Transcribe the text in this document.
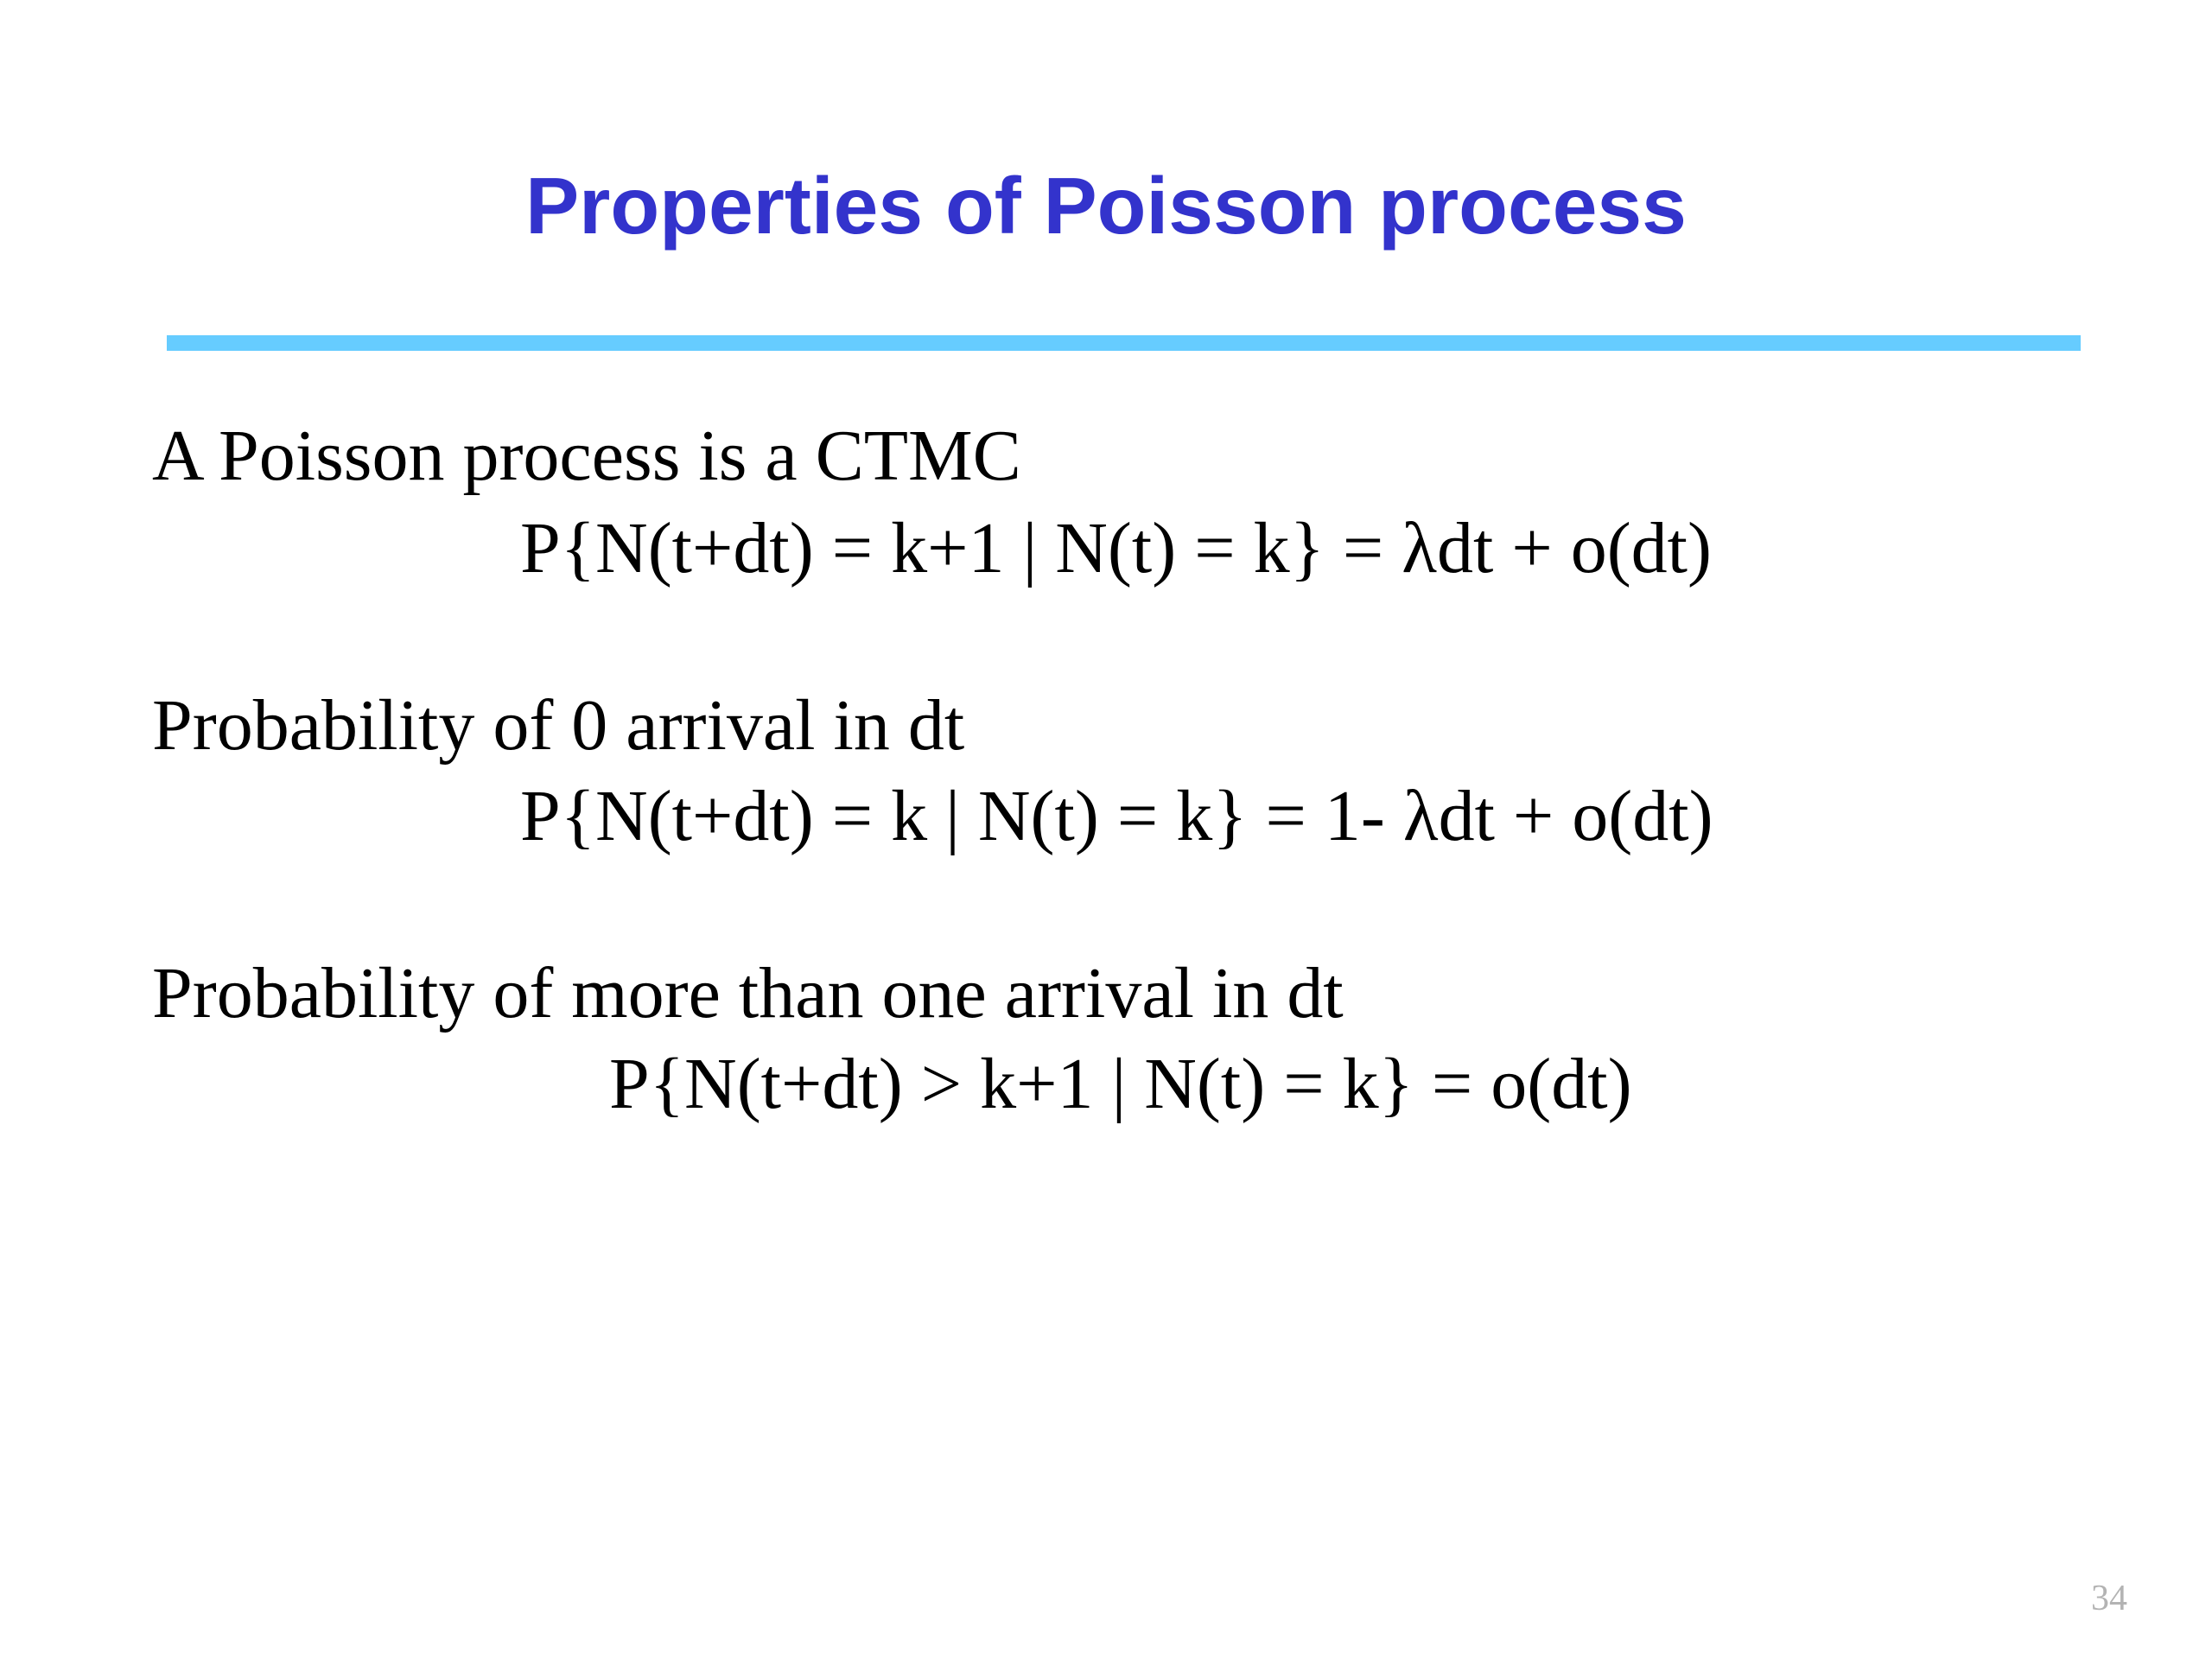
Properties of Poisson process
A Poisson process is a CTMC
P{N(t+dt) = k+1 | N(t) = k} = λdt + o(dt)
Probability of 0 arrival in dt
P{N(t+dt) = k | N(t) = k} = 1- λdt + o(dt)
Probability of more than one arrival in dt
P{N(t+dt) > k+1 | N(t) = k} = o(dt)
34
